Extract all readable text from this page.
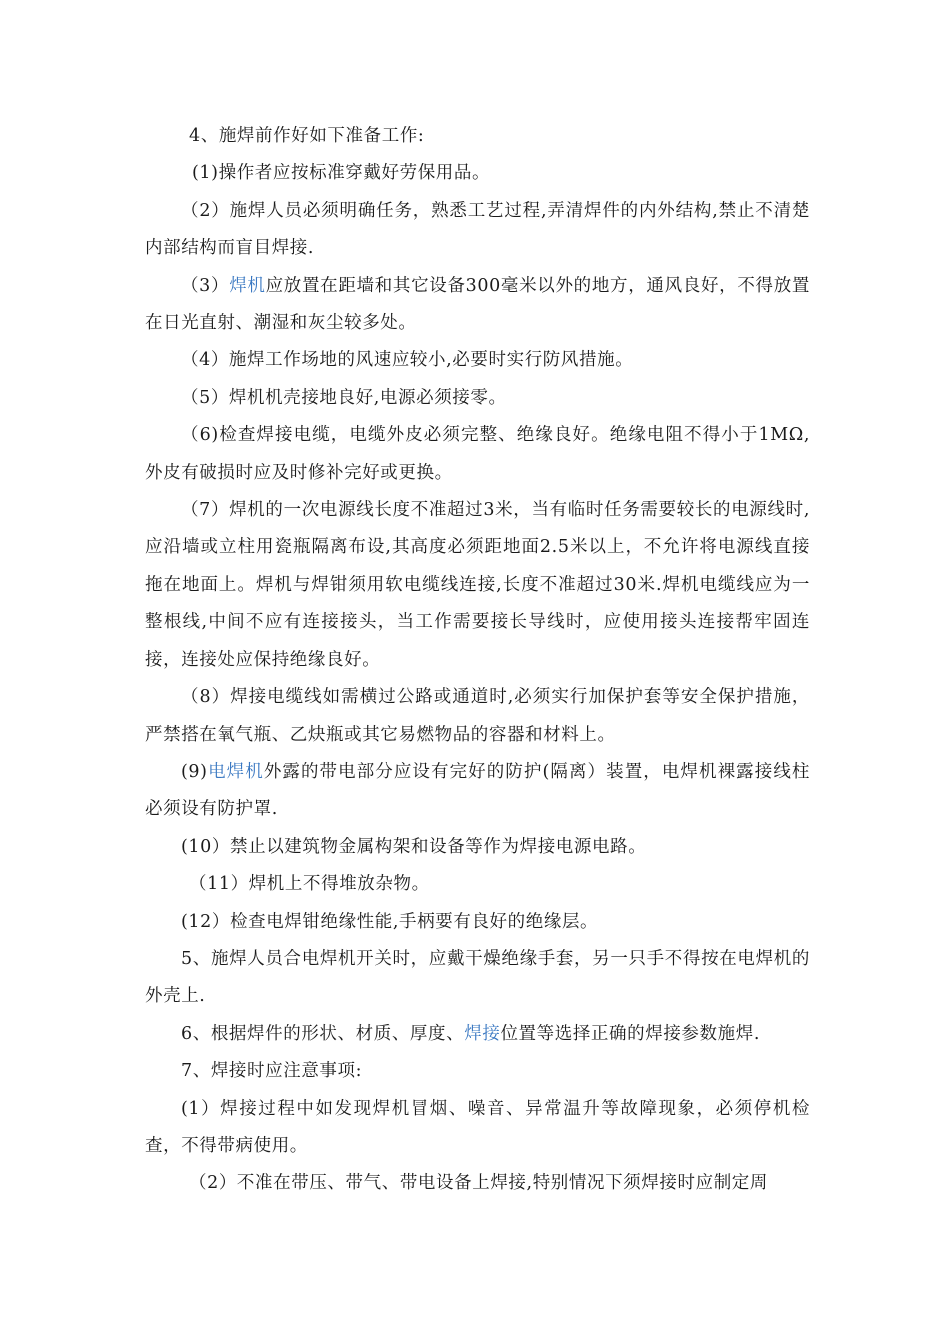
4、施焊前作好如下准备工作:

(1)操作者应按标准穿戴好劳保用品。

（2）施焊人员必须明确任务，熟悉工艺过程,弄清焊件的内外结构,禁止不清楚内部结构而盲目焊接.

（3）焊机应放置在距墙和其它设备300毫米以外的地方，通风良好，不得放置在日光直射、潮湿和灰尘较多处。

（4）施焊工作场地的风速应较小,必要时实行防风措施。

（5）焊机机壳接地良好,电源必须接零。

（6)检查焊接电缆，电缆外皮必须完整、绝缘良好。绝缘电阻不得小于1MΩ,外皮有破损时应及时修补完好或更换。

（7）焊机的一次电源线长度不准超过3米，当有临时任务需要较长的电源线时,应沿墙或立柱用瓷瓶隔离布设,其高度必须距地面2.5米以上，不允许将电源线直接拖在地面上。焊机与焊钳须用软电缆线连接,长度不准超过30米.焊机电缆线应为一整根线,中间不应有连接接头，当工作需要接长导线时，应使用接头连接帮牢固连接，连接处应保持绝缘良好。

（8）焊接电缆线如需横过公路或通道时,必须实行加保护套等安全保护措施，严禁搭在氧气瓶、乙炔瓶或其它易燃物品的容器和材料上。

(9)电焊机外露的带电部分应设有完好的防护(隔离）装置，电焊机裸露接线柱必须设有防护罩.

(10）禁止以建筑物金属构架和设备等作为焊接电源电路。

（11）焊机上不得堆放杂物。

(12）检查电焊钳绝缘性能,手柄要有良好的绝缘层。

5、施焊人员合电焊机开关时，应戴干燥绝缘手套，另一只手不得按在电焊机的外壳上.

6、根据焊件的形状、材质、厚度、焊接位置等选择正确的焊接参数施焊.

7、焊接时应注意事项:

(1）焊接过程中如发现焊机冒烟、噪音、异常温升等故障现象，必须停机检查，不得带病使用。

（2）不准在带压、带气、带电设备上焊接,特别情况下须焊接时应制定周
